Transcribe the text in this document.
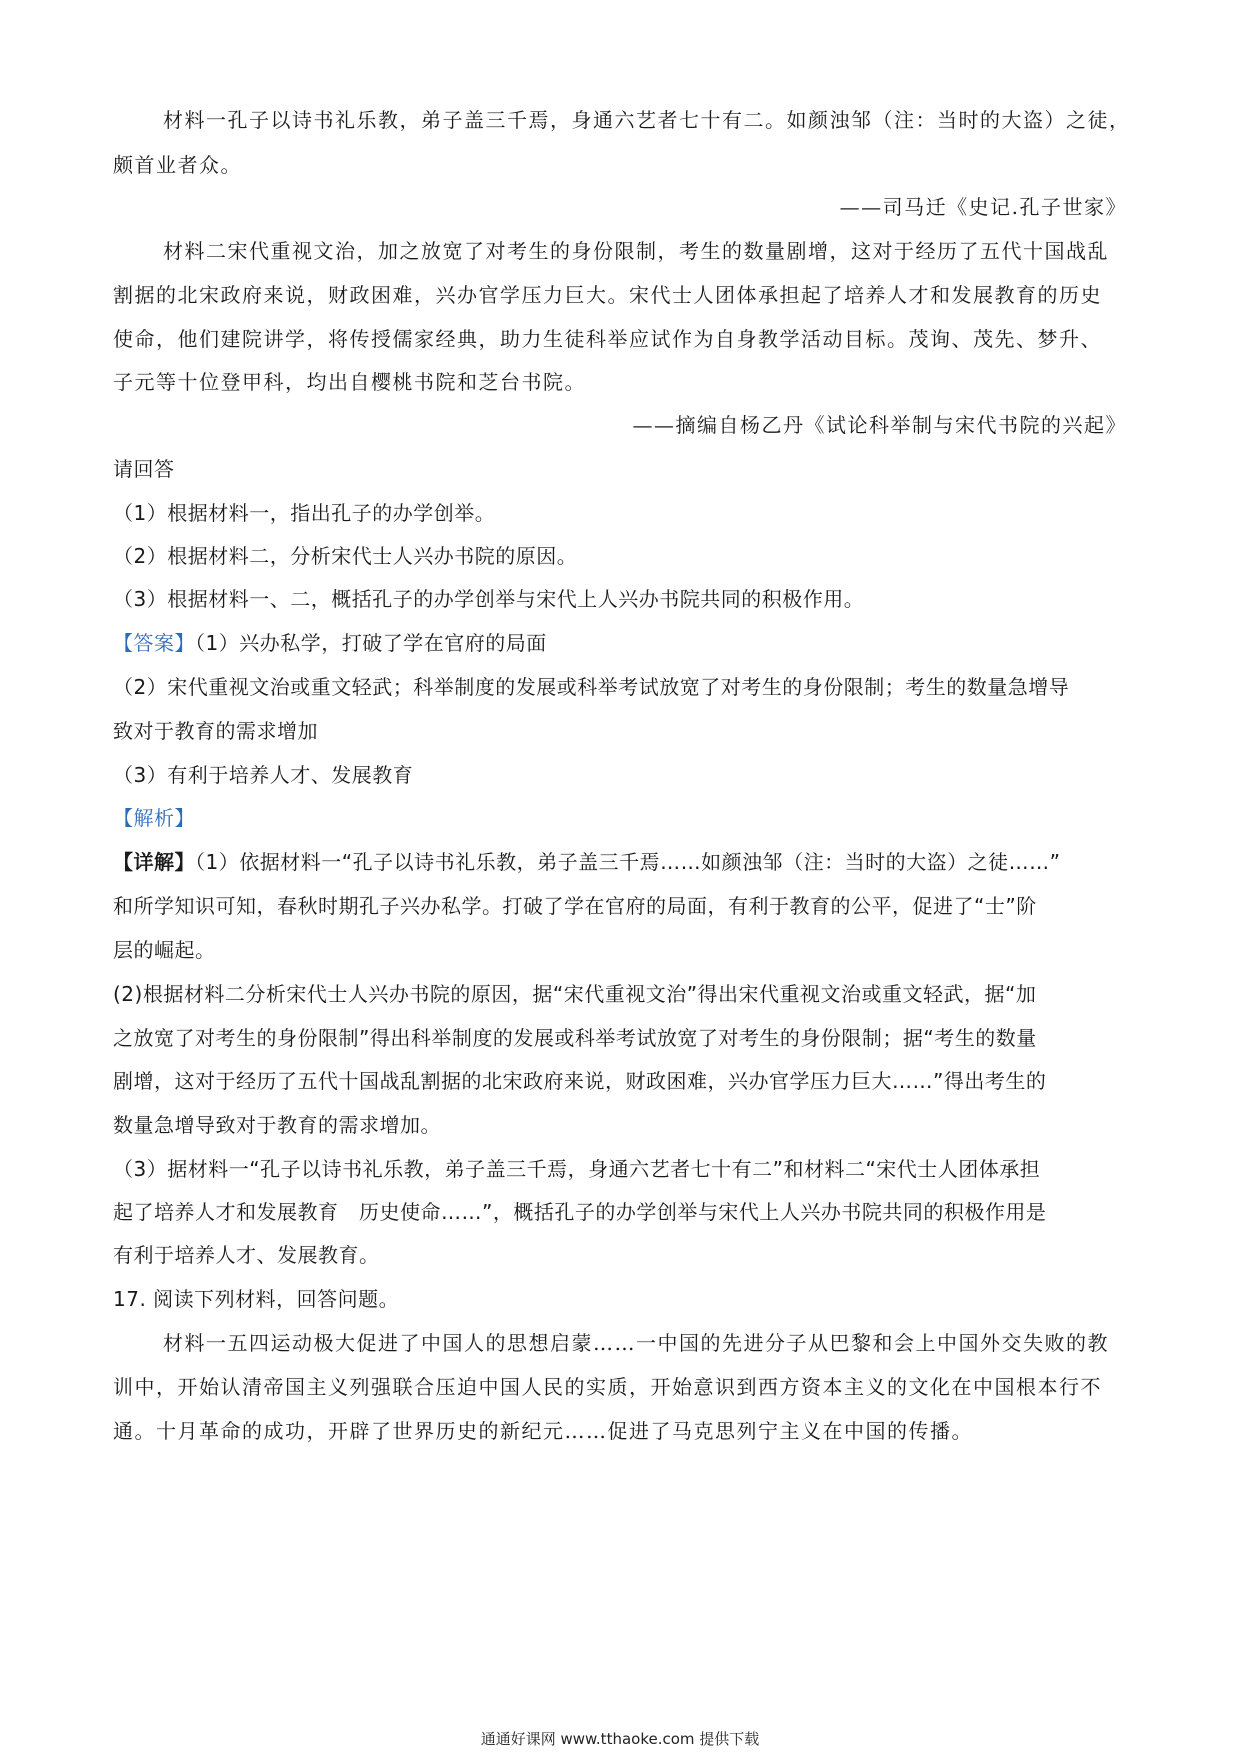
材料一孔子以诗书礼乐教，弟子盖三千焉，身通六艺者七十有二。如颜浊邹（注：当时的大盗）之徒，
颇首业者众。
——司马迁《史记.孔子世家》
材料二宋代重视文治，加之放宽了对考生的身份限制，考生的数量剧增，这对于经历了五代十国战乱
割据的北宋政府来说，财政困难，兴办官学压力巨大。宋代士人团体承担起了培养人才和发展教育的历史
使命，他们建院讲学，将传授儒家经典，助力生徒科举应试作为自身教学活动目标。茂询、茂先、梦升、
子元等十位登甲科，均出自樱桃书院和芝台书院。
——摘编自杨乙丹《试论科举制与宋代书院的兴起》
请回答
（1）根据材料一，指出孔子的办学创举。
（2）根据材料二，分析宋代士人兴办书院的原因。
（3）根据材料一、二，概括孔子的办学创举与宋代上人兴办书院共同的积极作用。
【答案】（1）兴办私学，打破了学在官府的局面
（2）宋代重视文治或重文轻武；科举制度的发展或科举考试放宽了对考生的身份限制；考生的数量急增导
致对于教育的需求增加
（3）有利于培养人才、发展教育
【解析】
【详解】（1）依据材料一“孔子以诗书礼乐教，弟子盖三千焉……如颜浊邹（注：当时的大盗）之徒……”
和所学知识可知，春秋时期孔子兴办私学。打破了学在官府的局面，有利于教育的公平，促进了“士”阶
层的崛起。
(2)根据材料二分析宋代士人兴办书院的原因，据“宋代重视文治”得出宋代重视文治或重文轻武，据“加
之放宽了对考生的身份限制”得出科举制度的发展或科举考试放宽了对考生的身份限制；据“考生的数量
剧增，这对于经历了五代十国战乱割据的北宋政府来说，财政困难，兴办官学压力巨大……”得出考生的
数量急增导致对于教育的需求增加。
（3）据材料一“孔子以诗书礼乐教，弟子盖三千焉，身通六艺者七十有二”和材料二“宋代士人团体承担
起了培养人才和发展教育　历史使命……”，概括孔子的办学创举与宋代上人兴办书院共同的积极作用是
有利于培养人才、发展教育。
17. 阅读下列材料，回答问题。
材料一五四运动极大促进了中国人的思想启蒙……一中国的先进分子从巴黎和会上中国外交失败的教
训中，开始认清帝国主义列强联合压迫中国人民的实质，开始意识到西方资本主义的文化在中国根本行不
通。十月革命的成功，开辟了世界历史的新纪元……促进了马克思列宁主义在中国的传播。
通通好课网 www.tthaoke.com 提供下载
